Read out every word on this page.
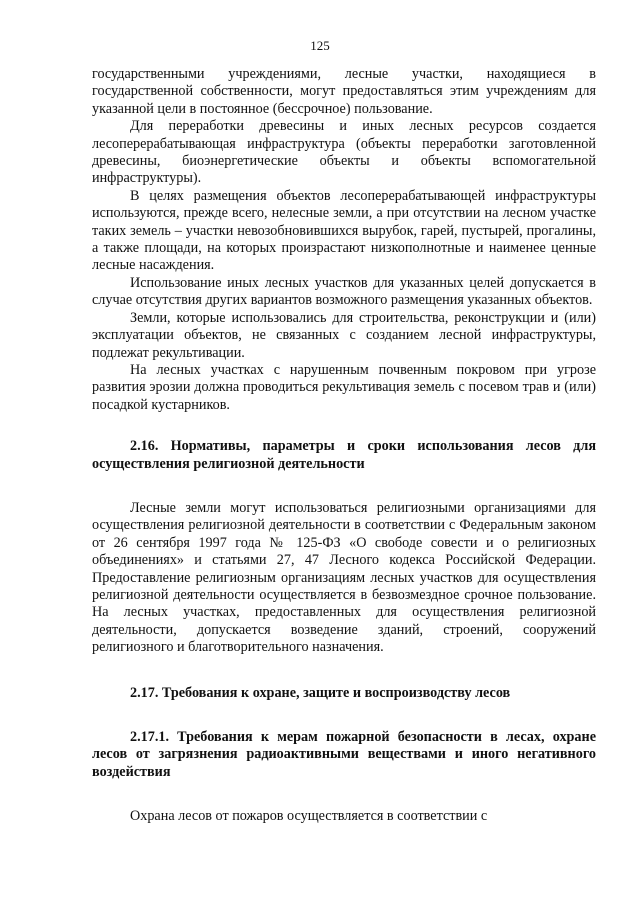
125

государственными учреждениями, лесные участки, находящиеся в государственной собственности, могут предоставляться этим учреждениям для указанной цели в постоянное (бессрочное) пользование.

Для переработки древесины и иных лесных ресурсов создается лесоперерабатывающая инфраструктура (объекты переработки заготовленной древесины, биоэнергетические объекты и объекты вспомогательной инфраструктуры).

В целях размещения объектов лесоперерабатывающей инфраструктуры используются, прежде всего, нелесные земли, а при отсутствии на лесном участке таких земель – участки невозобновившихся вырубок, гарей, пустырей, прогалины, а также площади, на которых произрастают низкополнотные и наименее ценные лесные насаждения.

Использование иных лесных участков для указанных целей допускается в случае отсутствия других вариантов возможного размещения указанных объектов.

Земли, которые использовались для строительства, реконструкции и (или) эксплуатации объектов, не связанных с созданием лесной инфраструктуры, подлежат рекультивации.

На лесных участках с нарушенным почвенным покровом при угрозе развития эрозии должна проводиться рекультивация земель с посевом трав и (или) посадкой кустарников.

2.16. Нормативы, параметры и сроки использования лесов для осуществления религиозной деятельности

Лесные земли могут использоваться религиозными организациями для осуществления религиозной деятельности в соответствии с Федеральным законом от 26 сентября 1997 года № 125-ФЗ «О свободе совести и о религиозных объединениях» и статьями 27, 47 Лесного кодекса Российской Федерации. Предоставление религиозным организациям лесных участков для осуществления религиозной деятельности осуществляется в безвозмездное срочное пользование. На лесных участках, предоставленных для осуществления религиозной деятельности, допускается возведение зданий, строений, сооружений религиозного и благотворительного назначения.

2.17. Требования к охране, защите и воспроизводству лесов
2.17.1. Требования к мерам пожарной безопасности в лесах, охране лесов от загрязнения радиоактивными веществами и иного негативного воздействия

Охрана лесов от пожаров осуществляется в соответствии с
